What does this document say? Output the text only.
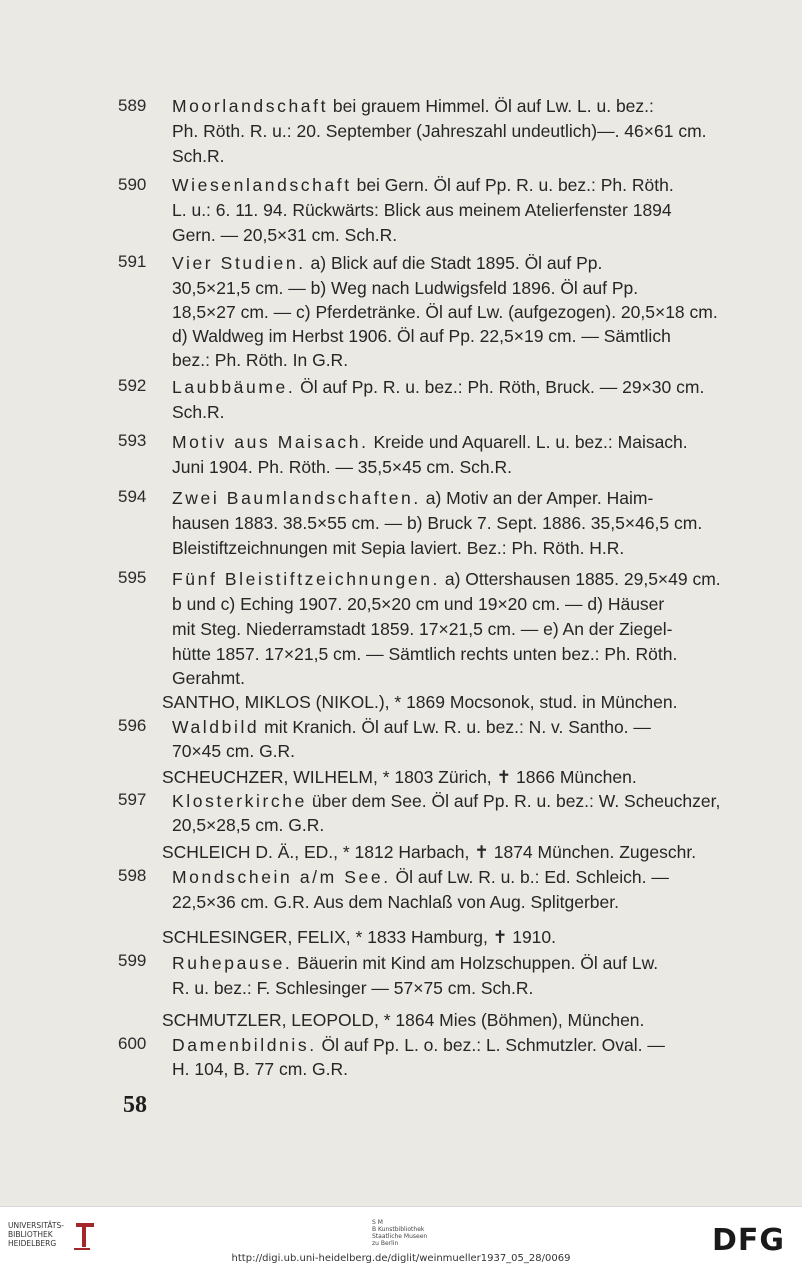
589	Moorlandschaft bei grauem Himmel. Öl auf Lw. L. u. bez.:
Ph. Röth. R. u.: 20. September (Jahreszahl undeutlich)—. 46×61 cm.
Sch.R.
590	Wiesenlandschaft bei Gern. Öl auf Pp. R. u. bez.: Ph. Röth.
L. u.: 6. 11. 94. Rückwärts: Blick aus meinem Atelierfenster 1894
Gern. — 20,5×31 cm. Sch.R.
591	Vier Studien. a) Blick auf die Stadt 1895. Öl auf Pp.
30,5×21,5 cm. — b) Weg nach Ludwigsfeld 1896. Öl auf Pp.
18,5×27 cm. — c) Pferdetränke. Öl auf Lw. (aufgezogen). 20,5×18 cm.
d) Waldweg im Herbst 1906. Öl auf Pp. 22,5×19 cm. — Sämtlich
bez.: Ph. Röth. In G.R.
592	Laubbäume. Öl auf Pp. R. u. bez.: Ph. Röth, Bruck. — 29×30 cm.
Sch.R.
593	Motiv aus Maisach. Kreide und Aquarell. L. u. bez.: Maisach.
Juni 1904. Ph. Röth. — 35,5×45 cm. Sch.R.
594	Zwei Baumlandschaften. a) Motiv an der Amper. Haim-
hausen 1883. 38.5×55 cm. — b) Bruck 7. Sept. 1886. 35,5×46,5 cm.
Bleistiftzeichnungen mit Sepia laviert. Bez.: Ph. Röth. H.R.
595	Fünf Bleistiftzeichnungen. a) Ottershausen 1885. 29,5×49 cm.
b und c) Eching 1907. 20,5×20 cm und 19×20 cm. — d) Häuser
mit Steg. Niederramstadt 1859. 17×21,5 cm. — e) An der Ziegel-
hütte 1857. 17×21,5 cm. — Sämtlich rechts unten bez.: Ph. Röth.
Gerahmt.
SANTHO, MIKLOS (NIKOL.), * 1869 Mocsonok, stud. in München.
596	Waldbild mit Kranich. Öl auf Lw. R. u. bez.: N. v. Santho. —
70×45 cm. G.R.
SCHEUCHZER, WILHELM, * 1803 Zürich, ✝ 1866 München.
597	Klosterkirche über dem See. Öl auf Pp. R. u. bez.: W. Scheuchzer,
20,5×28,5 cm. G.R.
SCHLEICH D. Ä., ED., * 1812 Harbach, ✝ 1874 München. Zugeschr.
598	Mondschein a/m See. Öl auf Lw. R. u. b.: Ed. Schleich. —
22,5×36 cm. G.R. Aus dem Nachlaß von Aug. Splitgerber.
SCHLESINGER, FELIX, * 1833 Hamburg, ✝ 1910.
599	Ruhepause. Bäuerin mit Kind am Holzschuppen. Öl auf Lw.
R. u. bez.: F. Schlesinger — 57×75 cm. Sch.R.
SCHMUTZLER, LEOPOLD, * 1864 Mies (Böhmen), München.
600	Damenbildnis. Öl auf Pp. L. o. bez.: L. Schmutzler. Oval. —
H. 104, B. 77 cm. G.R.
58
UNIVERSITÄTS-
BIBLIOTHEK
HEIDELBERG
S M
B Kunstbibliothek
Staatliche Museen
zu Berlin	DFG
http://digi.ub.uni-heidelberg.de/diglit/weinmueller1937_05_28/0069
